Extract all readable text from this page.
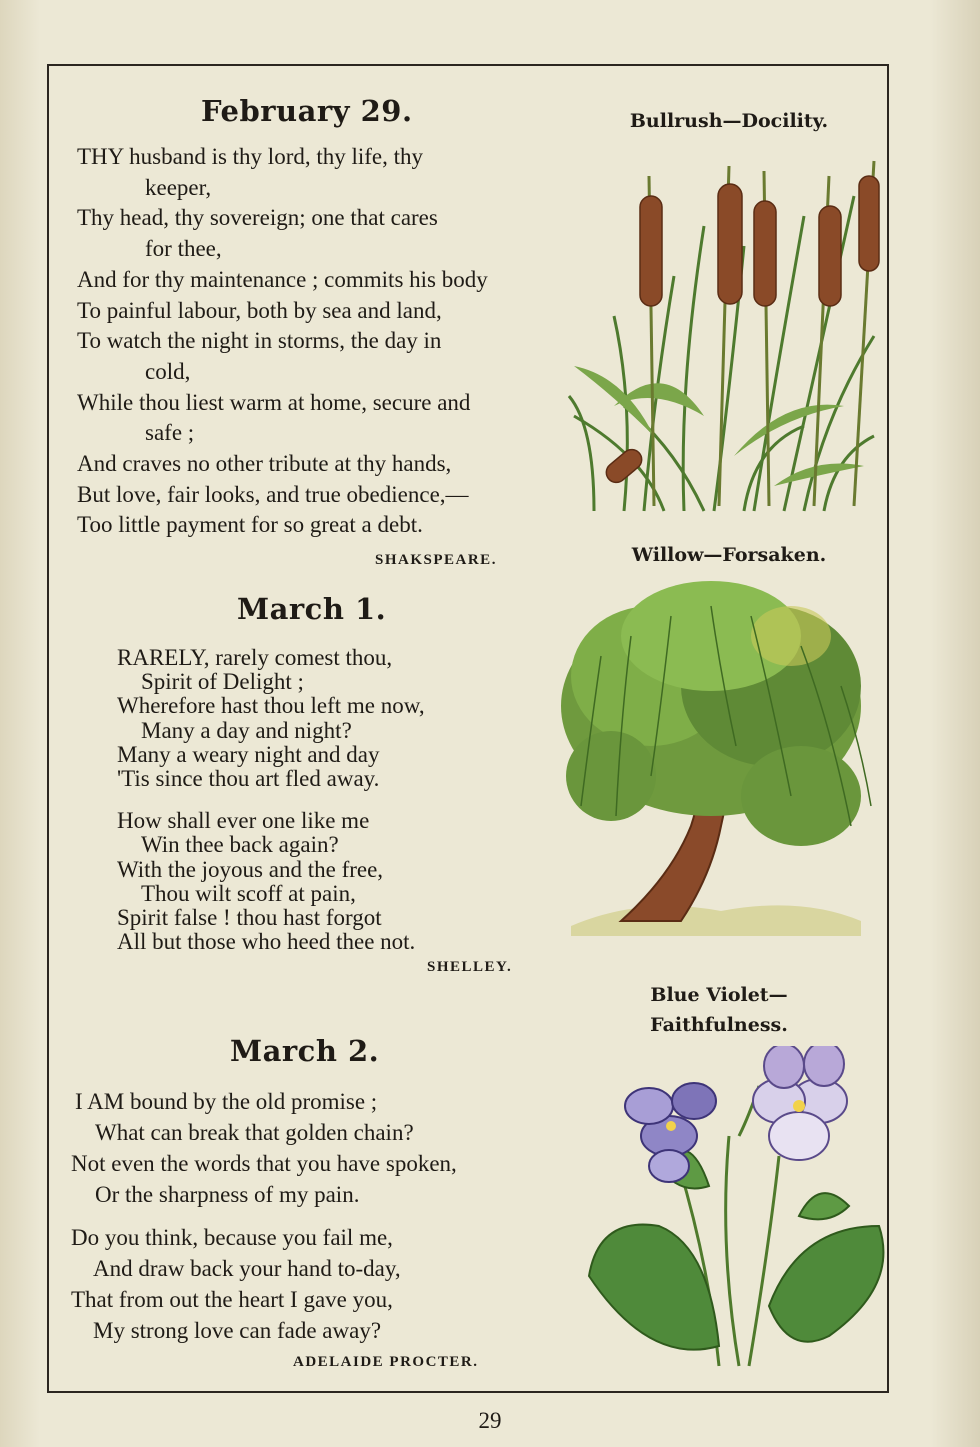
February 29.
THY husband is thy lord, thy life, thy
keeper,
Thy head, thy sovereign; one that cares
for thee,
And for thy maintenance ; commits his body
To painful labour, both by sea and land,
To watch the night in storms, the day in
cold,
While thou liest warm at home, secure and
safe ;
And craves no other tribute at thy hands,
But love, fair looks, and true obedience,—
Too little payment for so great a debt.
SHAKSPEARE.
March 1.
RARELY, rarely comest thou,
Spirit of Delight ;
Wherefore hast thou left me now,
Many a day and night?
Many a weary night and day
'Tis since thou art fled away.
How shall ever one like me
Win thee back again?
With the joyous and the free,
Thou wilt scoff at pain,
Spirit false ! thou hast forgot
All but those who heed thee not.
SHELLEY.
March 2.
I AM bound by the old promise ;
What can break that golden chain?
Not even the words that you have spoken,
Or the sharpness of my pain.
Do you think, because you fail me,
And draw back your hand to-day,
That from out the heart I gave you,
My strong love can fade away?
ADELAIDE PROCTER.
Bullrush—Docility.
Willow—Forsaken.
Blue Violet—
Faithfulness.
29
